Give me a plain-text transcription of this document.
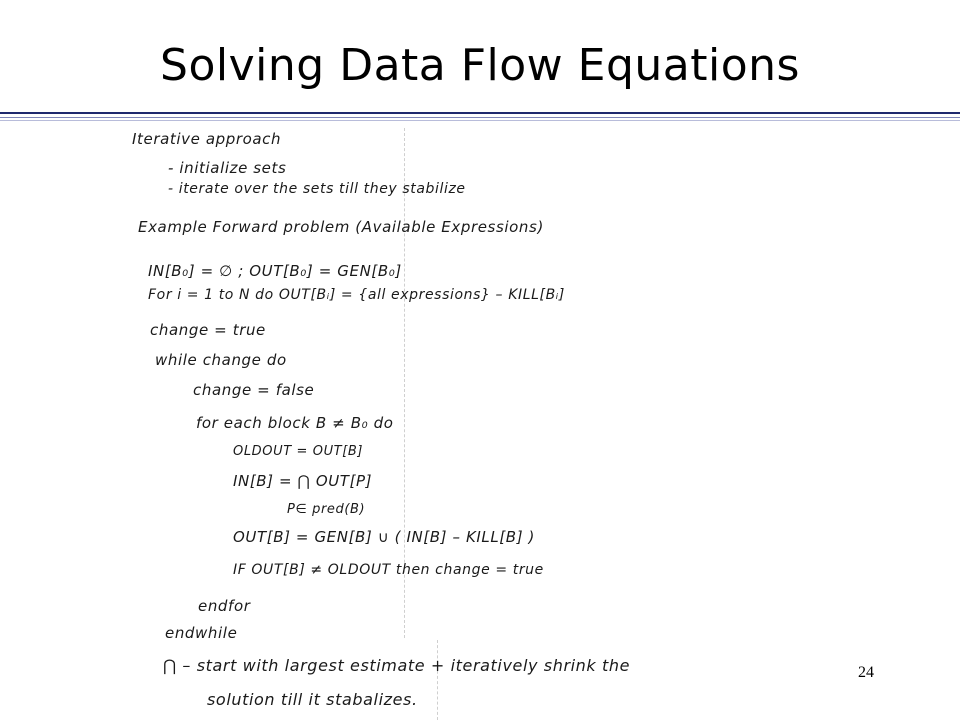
Solving Data Flow Equations
Iterative approach
- initialize sets
- iterate over the sets till they stabilize
Example Forward problem (Available Expressions)
IN[B₀] = ∅ ; OUT[B₀] = GEN[B₀]
For i = 1 to N do OUT[Bᵢ] = {all expressions} – KILL[Bᵢ]
change = true
while change do
change = false
for each block B ≠ B₀ do
OLDOUT = OUT[B]
IN[B] = ⋂ OUT[P]
P∈ pred(B)
OUT[B] = GEN[B] ∪ ( IN[B] – KILL[B] )
IF OUT[B] ≠ OLDOUT then change = true
endfor
endwhile
⋂ – start with largest estimate + iteratively shrink the
solution till it stabalizes.
24
